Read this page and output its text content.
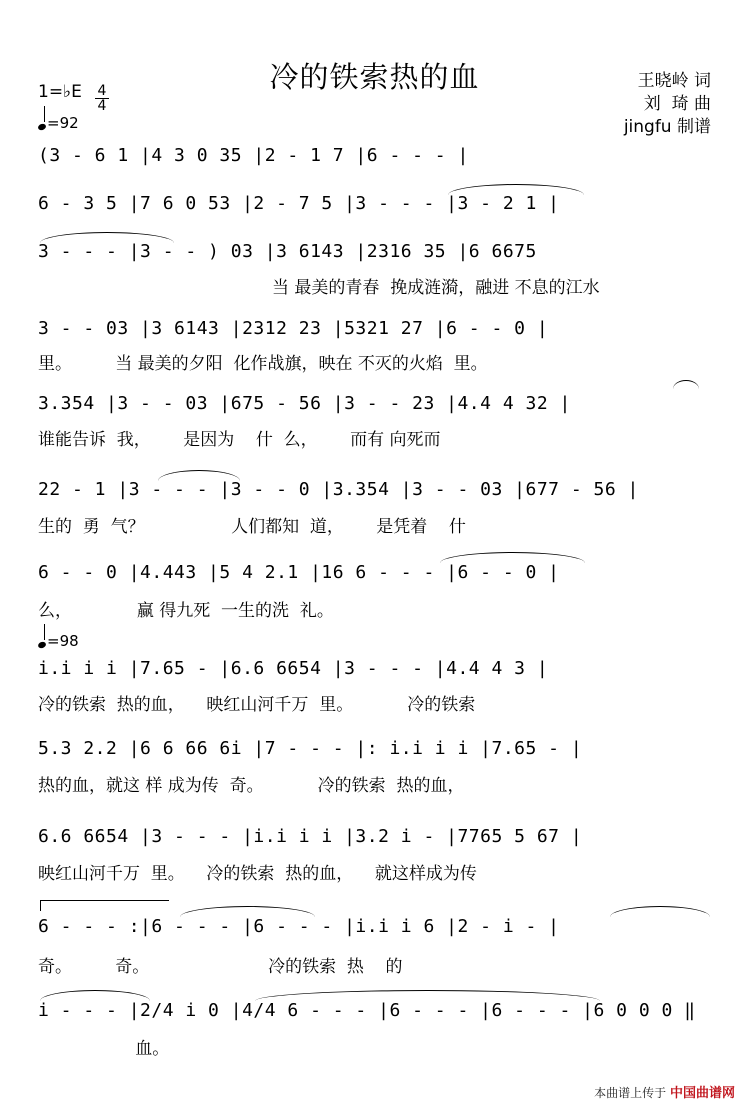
冷的铁索热的血	王晓岭 词
刘  琦 曲
jingfu 制谱
1=♭E 4
4
=92
(3 - 6 1 |4 3 0 35 |2 - 1 7 |6 - - - |
6 - 3 5 |7 6 0 53 |2 - 7 5 |3 - - - |3 - 2 1 |
3 - - - |3 - - ) 03 |3 6143 |2316 35 |6 6675
当 最美的青春  挽成涟漪，融进 不息的江水
3 - - 03 |3 6143 |2312 23 |5321 27 |6 - - 0 |
里。        当 最美的夕阳  化作战旗，映在 不灭的火焰  里。
3.354 |3 - - 03 |675 - 56 |3 - - 23 |4.4 4 32 |
谁能告诉  我，      是因为    什  么，      而有 向死而
22 - 1 |3 - - - |3 - - 0 |3.354 |3 - - 03 |677 - 56 |
生的  勇  气？                人们都知  道，      是凭着    什
6 - - 0 |4.443 |5 4 2.1 |16 6 - - - |6 - - 0 |
么，            赢 得九死  一生的洗  礼。
=98
i.i i i |7.65 - |6.6 6654 |3 - - - |4.4 4 3 |
冷的铁索  热的血，    映红山河千万  里。          冷的铁索
5.3 2.2 |6 6 66 6i |7 - - - |: i.i i i |7.65 - |
热的血，就这 样 成为传  奇。          冷的铁索  热的血，
6.6 6654 |3 - - - |i.i i i |3.2 i - |7765 5 67 |
映红山河千万  里。    冷的铁索  热的血，    就这样成为传
6 - - - :|6 - - - |6 - - - |i.i i 6 |2 - i - |
奇。        奇。                      冷的铁索  热    的
i - - - |2/4 i 0 |4/4 6 - - - |6 - - - |6 - - - |6 0 0 0 ‖
血。
本曲谱上传于 中国曲谱网
